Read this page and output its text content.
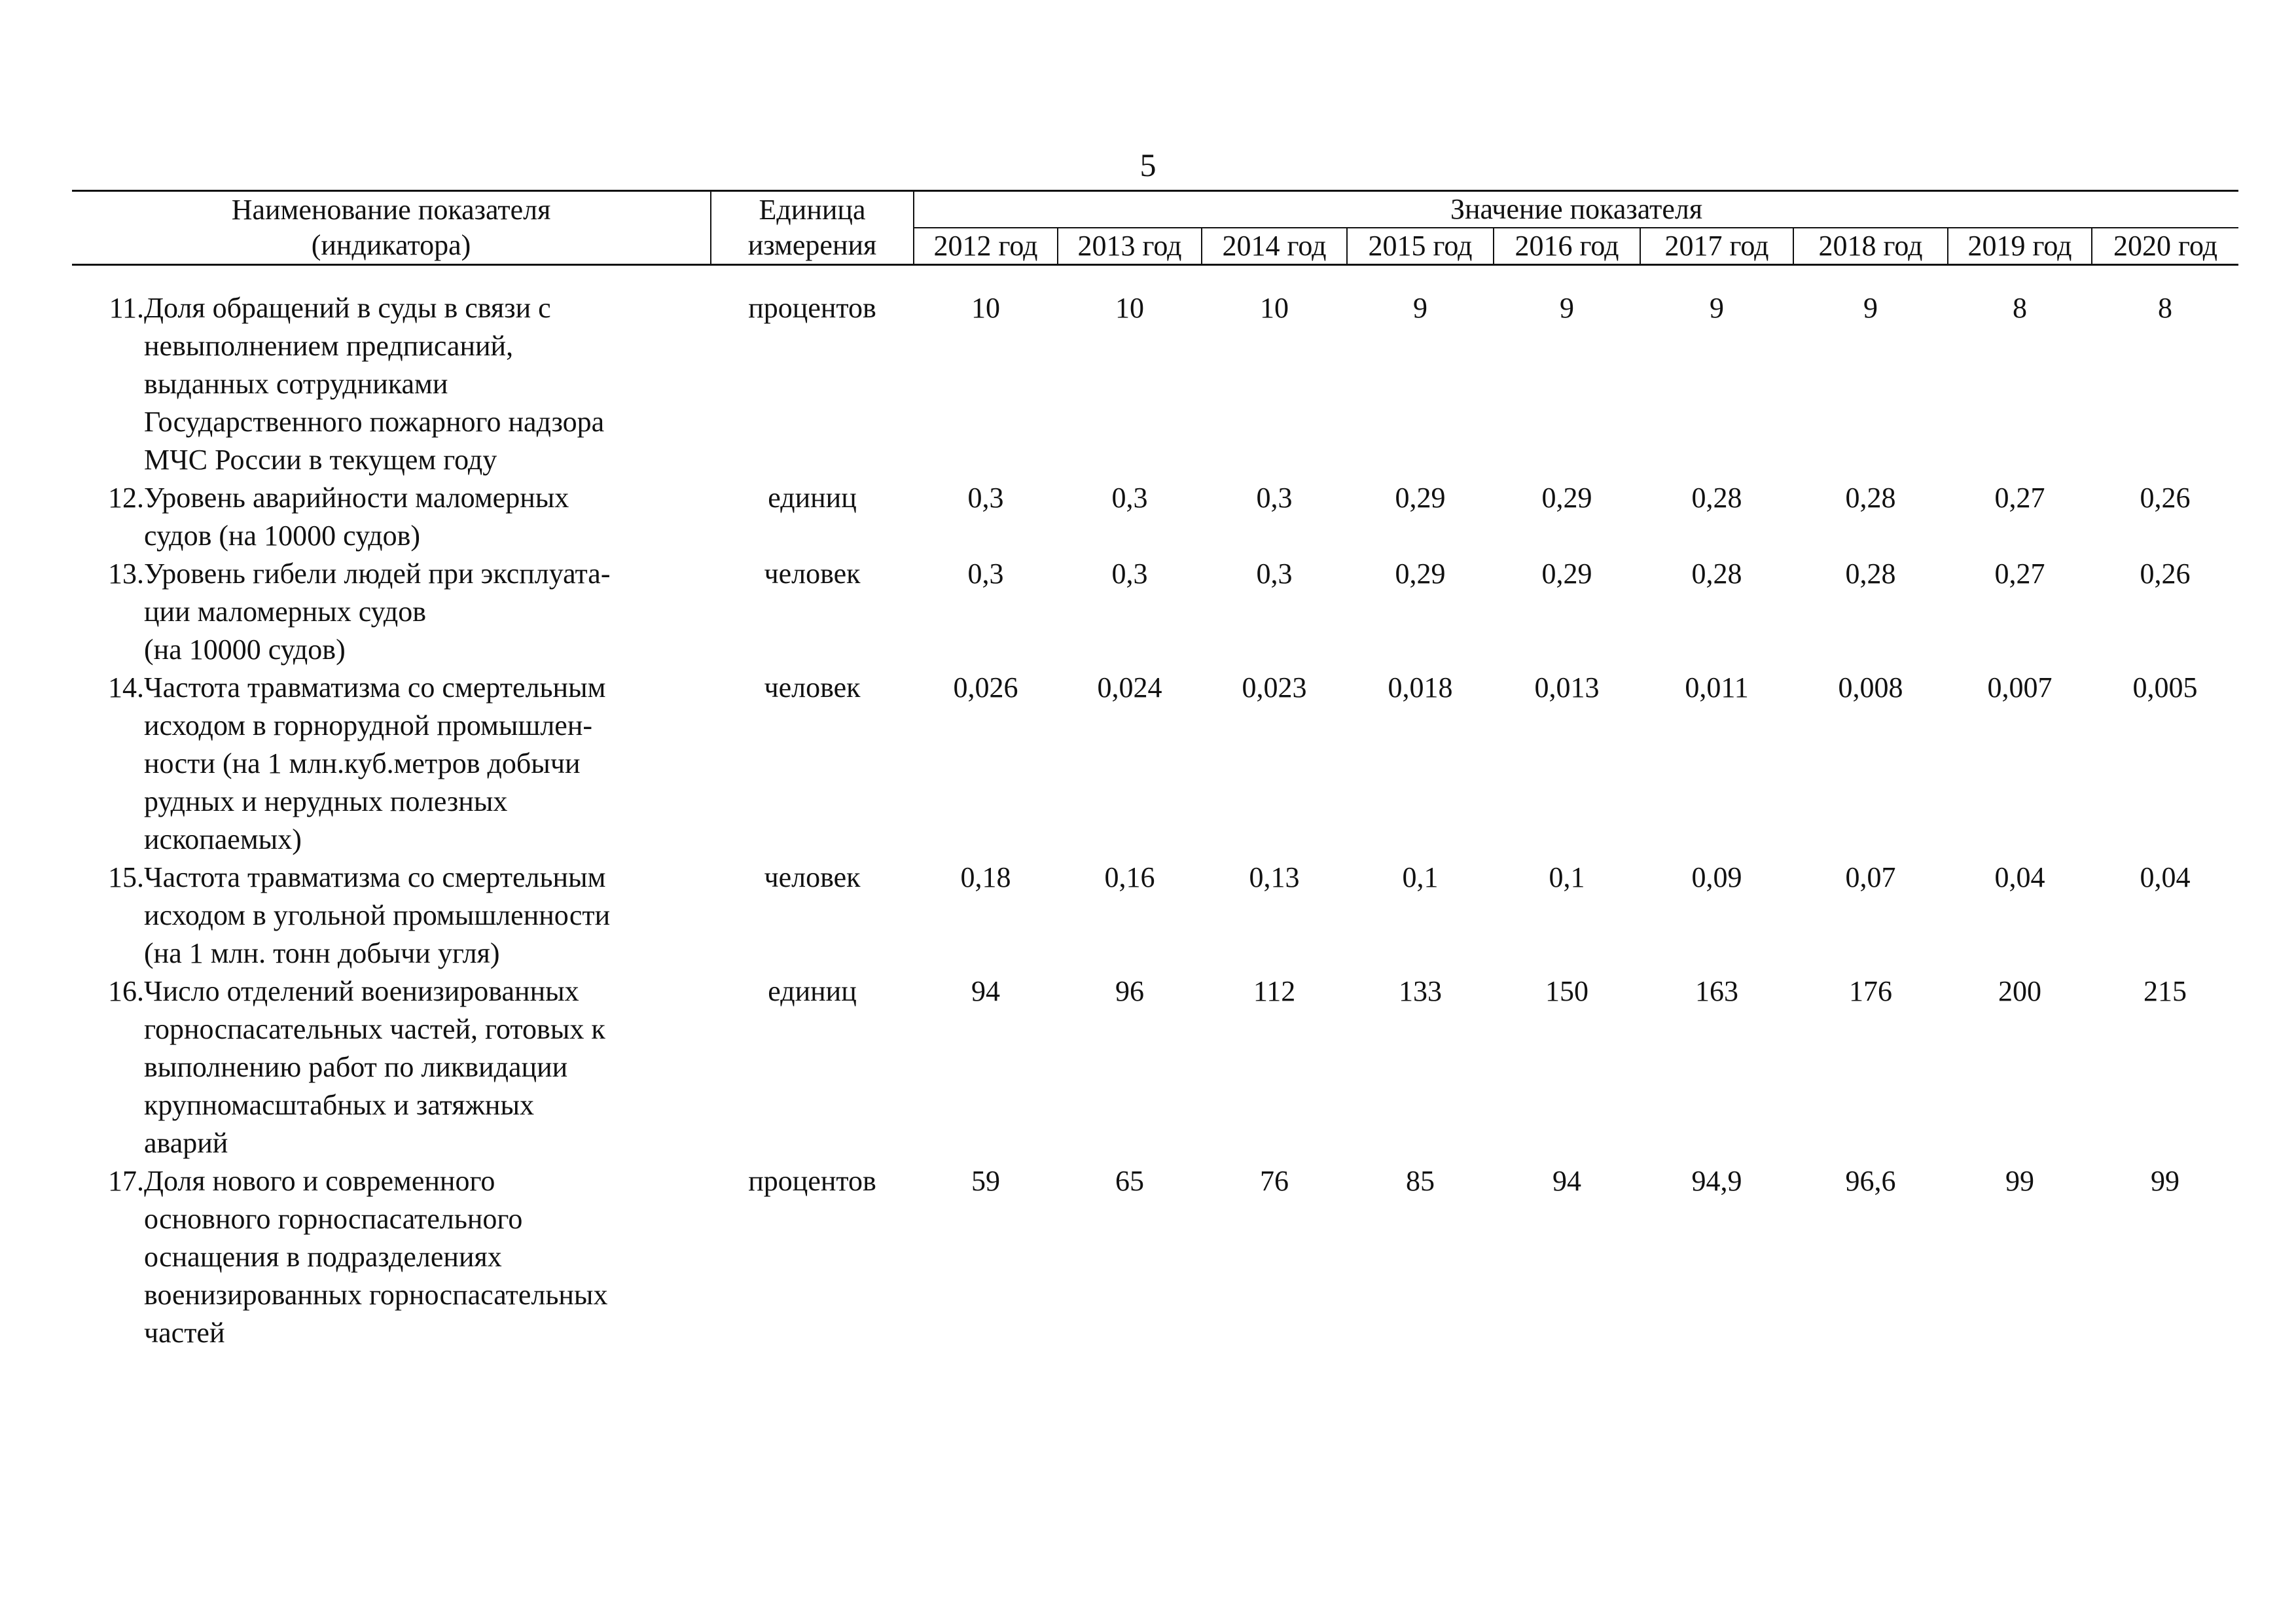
5
Наименование показателя
(индикатора)		Единица
измерения	Значение показателя								
			2012 год	2013 год	2014 год	2015 год	2016 год	2017 год	2018 год	2019 год	2020 год

11.	Доля обращений в суды в связи с
невыполнением предписаний,
выданных сотрудниками
Государственного пожарного надзора
МЧС России в текущем году	процентов	10	10	10	9	9	9	9	8	8
12.	Уровень аварийности маломерных
судов (на 10000 судов)	единиц	0,3	0,3	0,3	0,29	0,29	0,28	0,28	0,27	0,26
13.	Уровень гибели людей при эксплуата-
ции маломерных судов
(на 10000 судов)	человек	0,3	0,3	0,3	0,29	0,29	0,28	0,28	0,27	0,26
14.	Частота травматизма со смертельным
исходом в горнорудной промышлен-
ности (на 1 млн.куб.метров добычи
рудных и нерудных полезных
ископаемых)	человек	0,026	0,024	0,023	0,018	0,013	0,011	0,008	0,007	0,005
15.	Частота травматизма со смертельным
исходом в угольной промышленности
(на 1 млн. тонн добычи угля)	человек	0,18	0,16	0,13	0,1	0,1	0,09	0,07	0,04	0,04
16.	Число отделений военизированных
горноспасательных частей, готовых к
выполнению работ по ликвидации
крупномасштабных и затяжных
аварий	единиц	94	96	112	133	150	163	176	200	215
17.	Доля нового и современного
основного горноспасательного
оснащения в подразделениях
военизированных горноспасательных
частей	процентов	59	65	76	85	94	94,9	96,6	99	99
